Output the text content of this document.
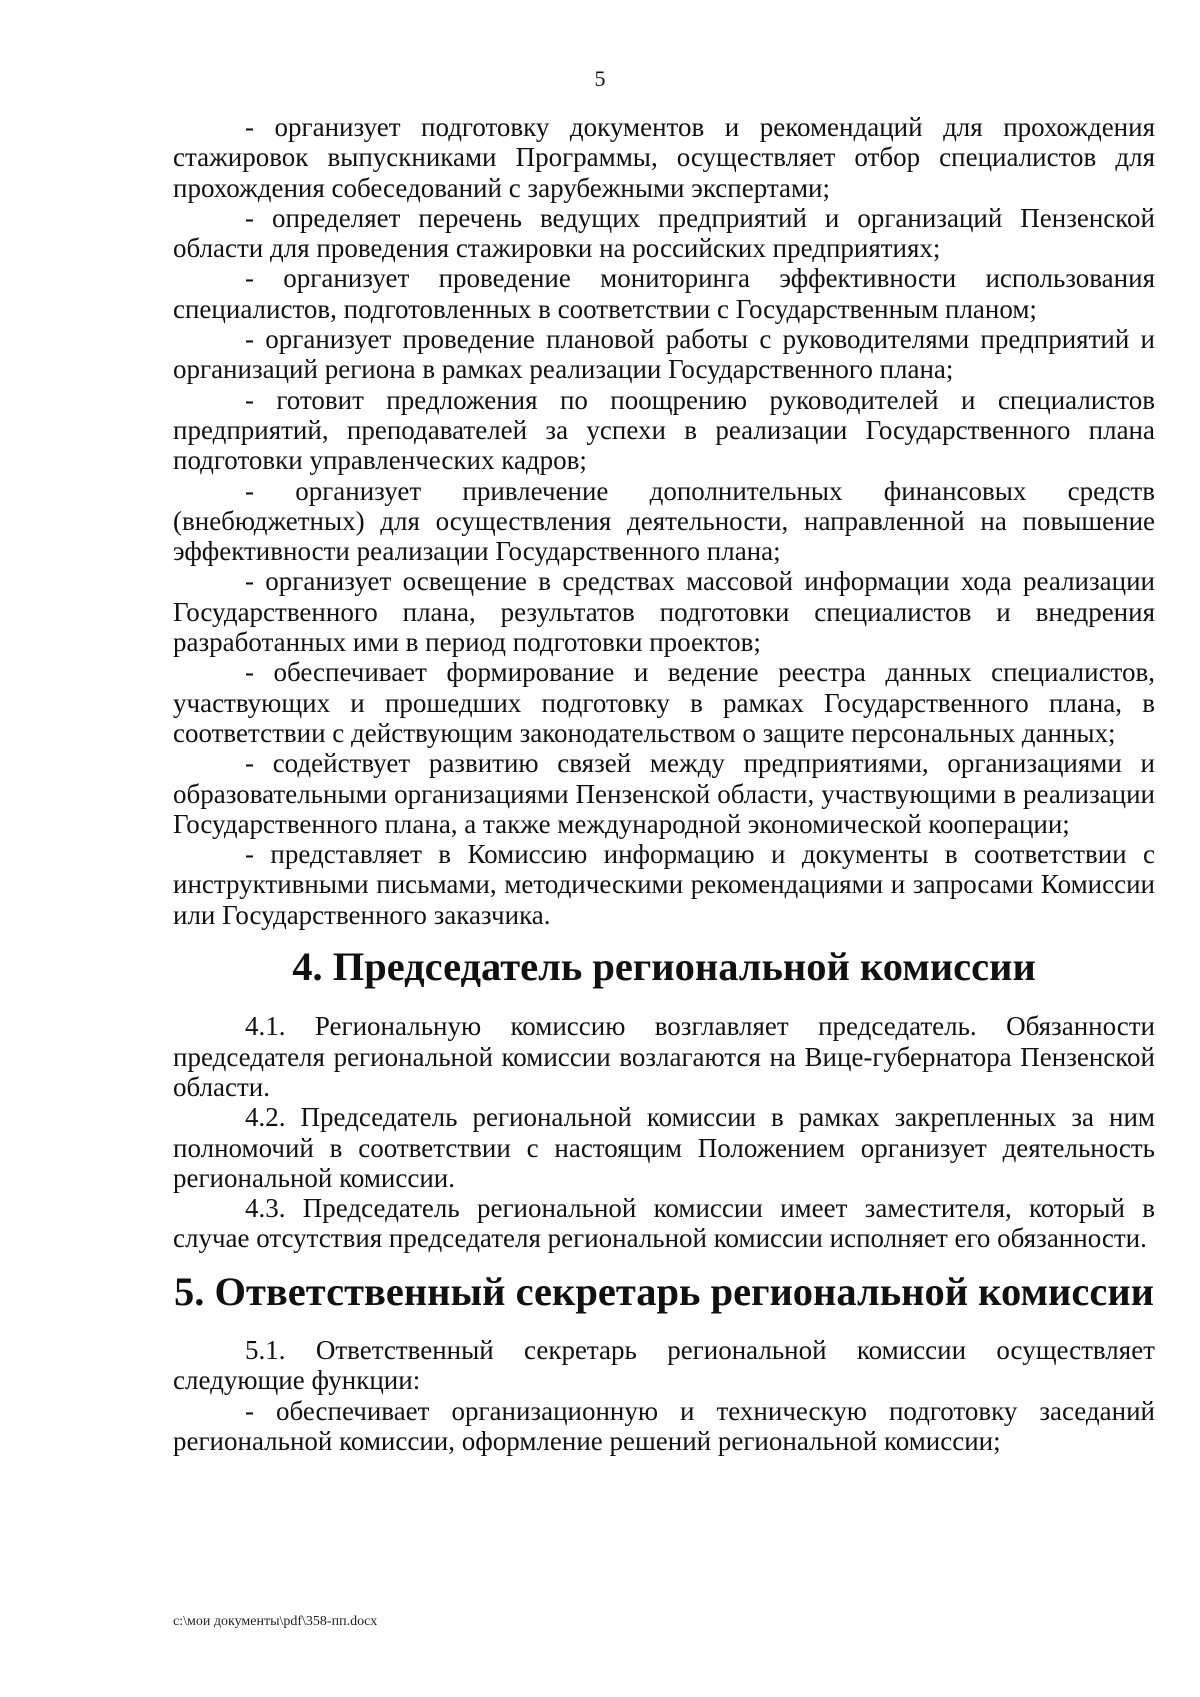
5

- организует подготовку документов и рекомендаций для прохождения стажировок выпускниками Программы, осуществляет отбор специалистов для прохождения собеседований с зарубежными экспертами;

- определяет перечень ведущих предприятий и организаций Пензенской области для проведения стажировки на российских предприятиях;

- организует проведение мониторинга эффективности использования специалистов, подготовленных в соответствии с Государственным планом;

- организует проведение плановой работы с руководителями предприятий и организаций региона в рамках реализации Государственного плана;

- готовит предложения по поощрению руководителей и специалистов предприятий, преподавателей за успехи в реализации Государственного плана подготовки управленческих кадров;

- организует привлечение дополнительных финансовых средств (внебюджетных) для осуществления деятельности, направленной на повышение эффективности реализации Государственного плана;

- организует освещение в средствах массовой информации хода реализации Государственного плана, результатов подготовки специалистов и внедрения разработанных ими в период подготовки проектов;

- обеспечивает формирование и ведение реестра данных специалистов, участвующих и прошедших подготовку в рамках Государственного плана, в соответствии с действующим законодательством о защите персональных данных;

- содействует развитию связей между предприятиями, организациями и образовательными организациями Пензенской области, участвующими в реализации Государственного плана, а также международной экономической кооперации;

- представляет в Комиссию информацию и документы в соответствии с инструктивными письмами, методическими рекомендациями и запросами Комиссии или Государственного заказчика.

4. Председатель региональной комиссии

4.1. Региональную комиссию возглавляет председатель. Обязанности председателя региональной комиссии возлагаются на Вице-губернатора Пензенской области.

4.2. Председатель региональной комиссии в рамках закрепленных за ним полномочий в соответствии с настоящим Положением организует деятельность региональной комиссии.

4.3. Председатель региональной комиссии имеет заместителя, который в случае отсутствия председателя региональной комиссии исполняет его обязанности.

5. Ответственный секретарь региональной комиссии

5.1. Ответственный секретарь региональной комиссии осуществляет следующие функции:

- обеспечивает организационную и техническую подготовку заседаний региональной комиссии, оформление решений региональной комиссии;

c:\мои документы\pdf\358-пп.docx
